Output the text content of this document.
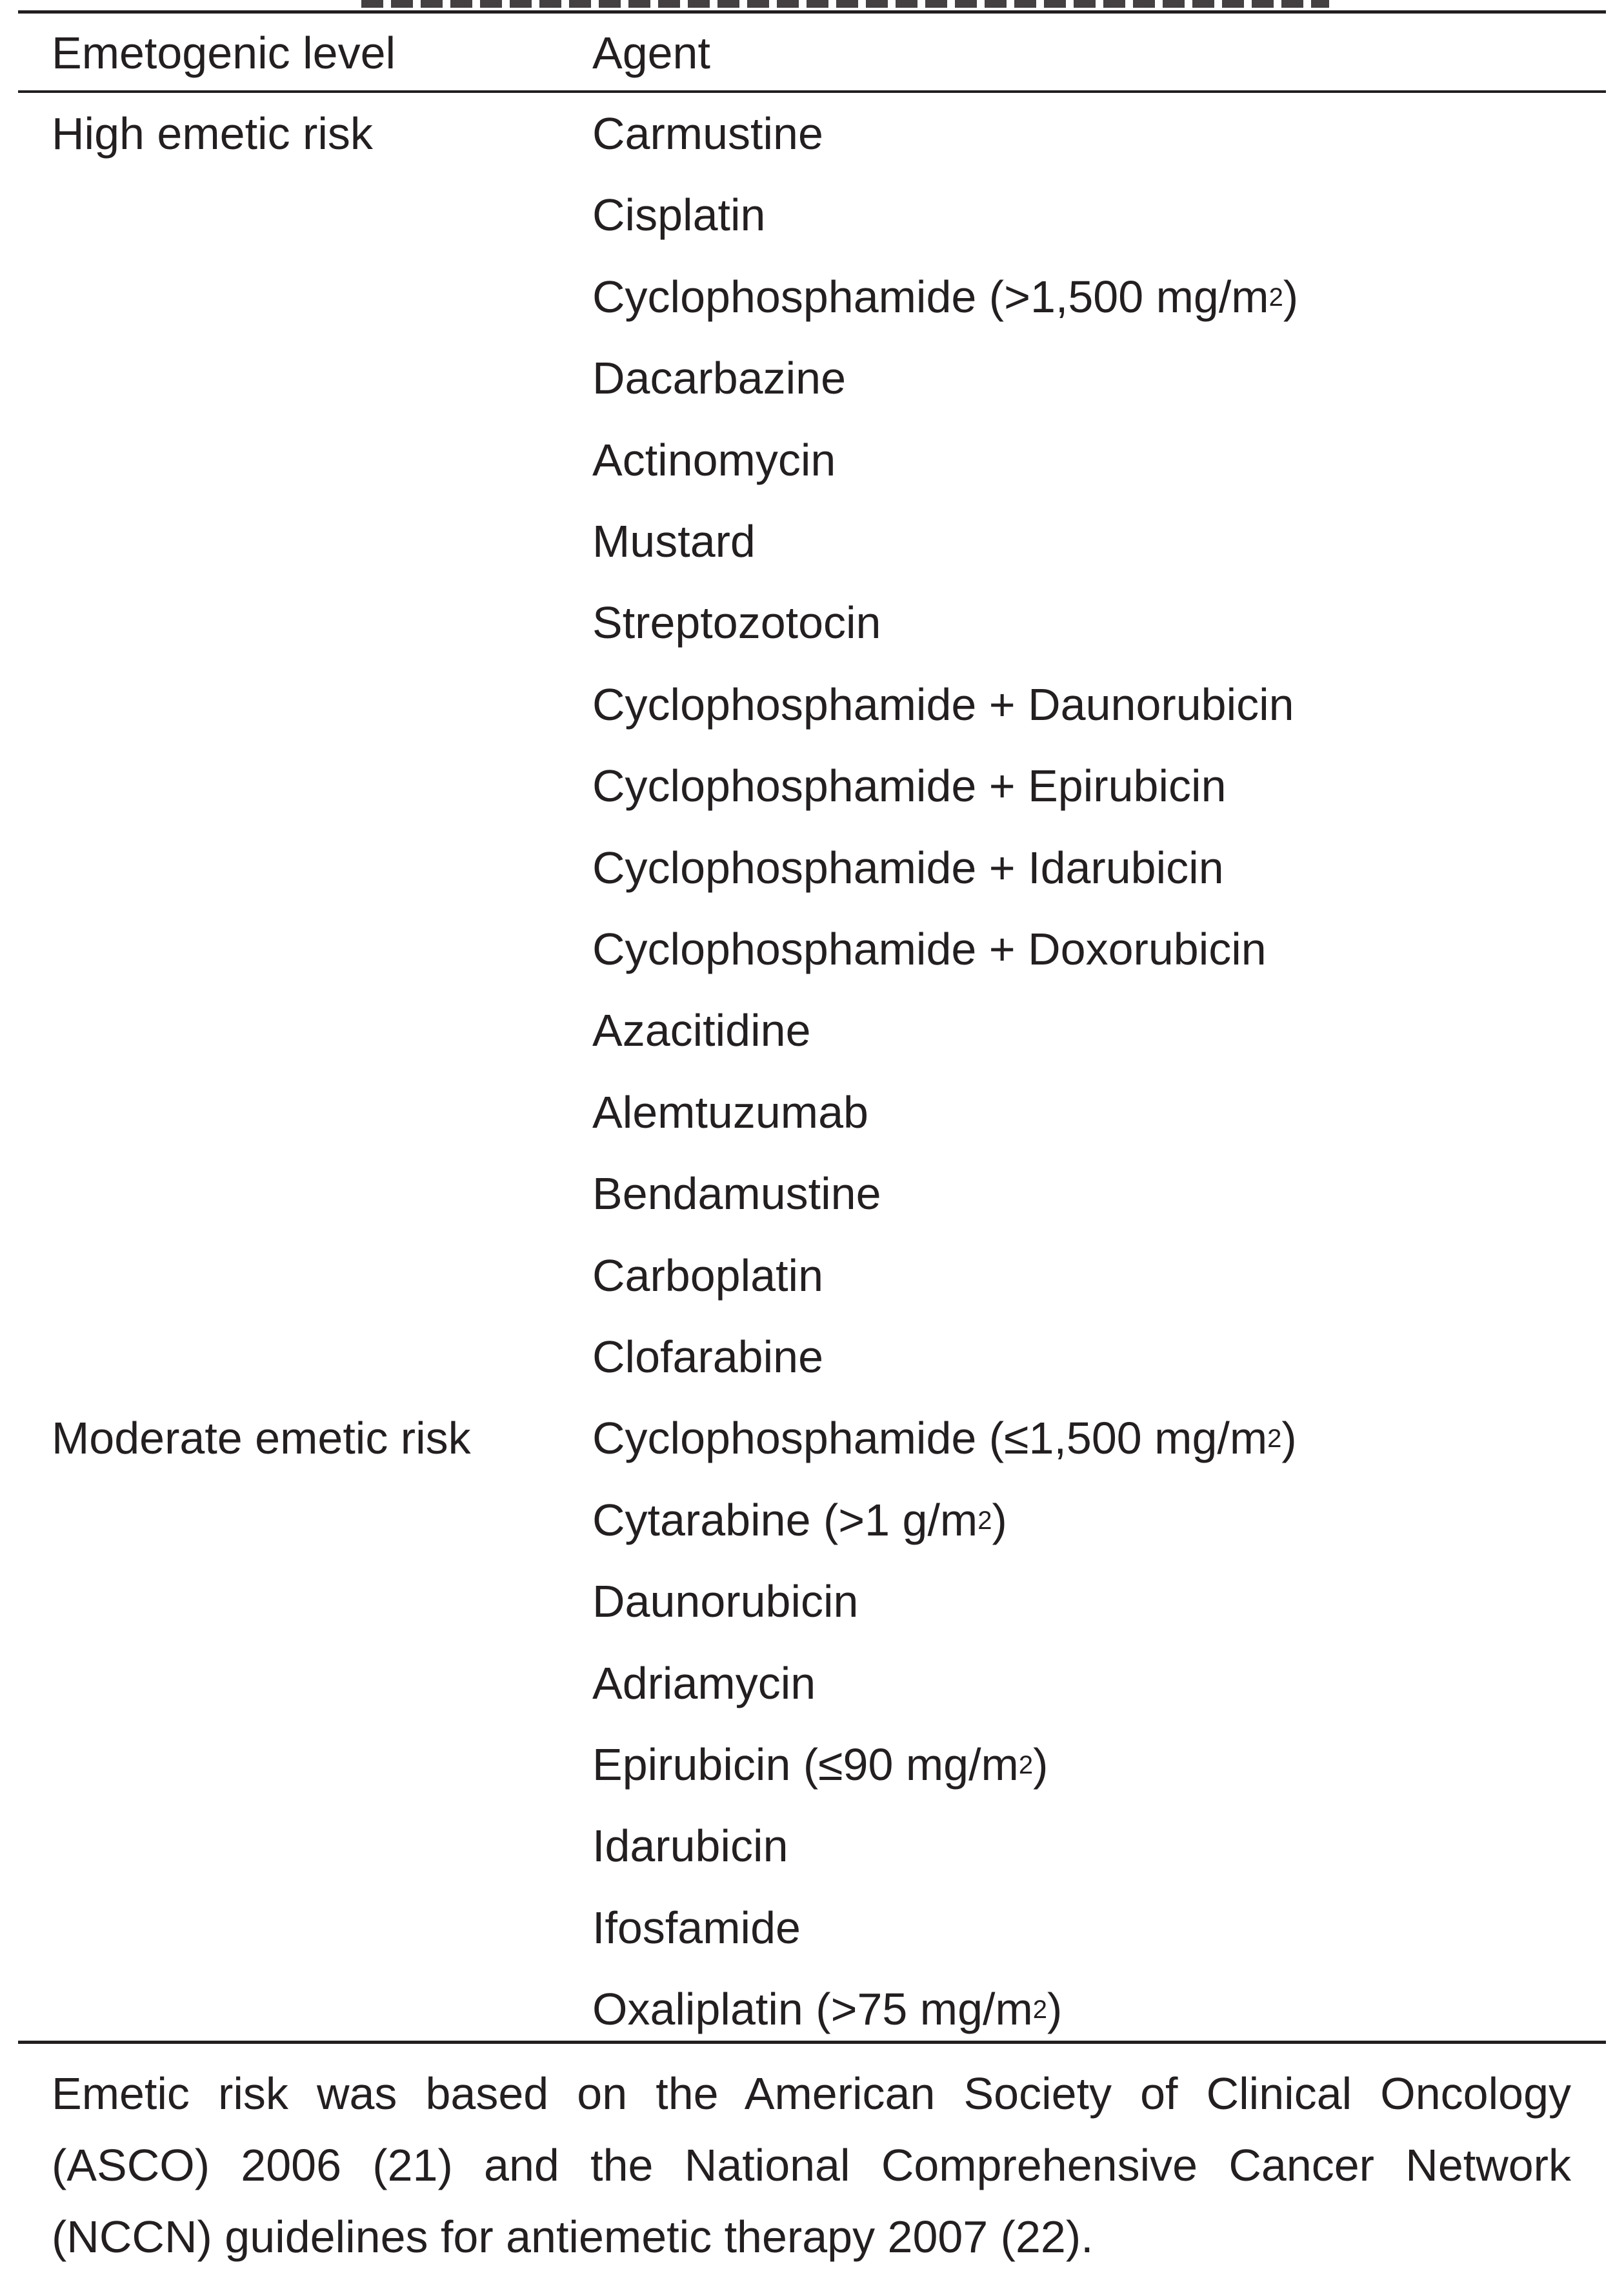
Emetogenic level	Agent
High emetic risk	Carmustine
Cisplatin
Cyclophosphamide (>1,500 $mg/m^2$)
Dacarbazine
Actinomycin
Mustard
Streptozotocin
Cyclophosphamide + Daunorubicin
Cyclophosphamide + Epirubicin
Cyclophosphamide + Idarubicin
Cyclophosphamide + Doxorubicin
Azacitidine
Alemtuzumab
Bendamustine
Carboplatin
Clofarabine
Moderate emetic risk	Cyclophosphamide (≤1,500 $mg/m^2$)
Cytarabine (>1 $g/m^2$)
Daunorubicin
Adriamycin
Epirubicin (≤90 $mg/m^2$)
Idarubicin
Ifosfamide
Oxaliplatin (>75 $mg/m^2$)
Emetic risk was based on the American Society of Clinical Oncology
(ASCO) 2006 (21) and the National Comprehensive Cancer Network
(NCCN) guidelines for antiemetic therapy 2007 (22).
